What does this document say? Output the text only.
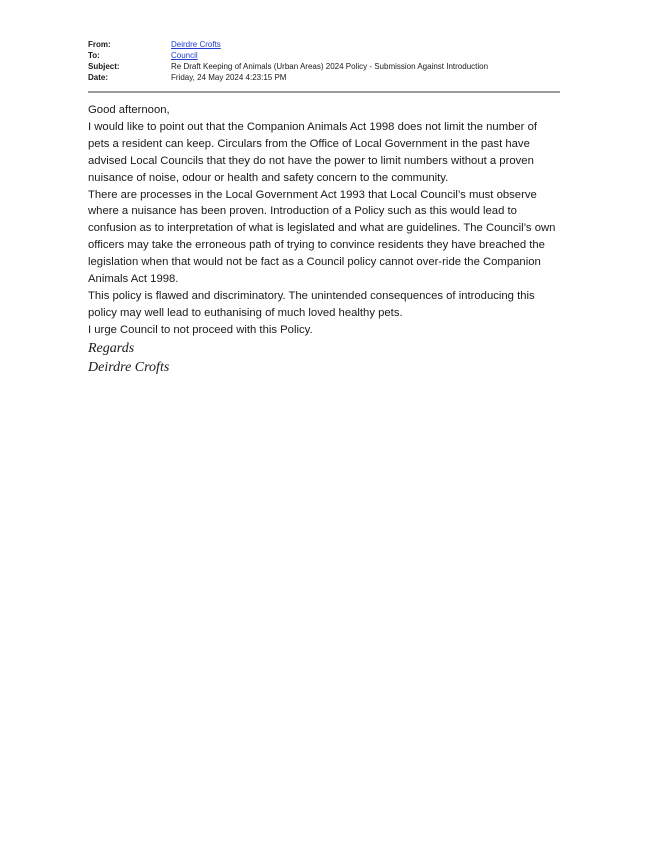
From:	Deirdre Crofts
To:	Council
Subject:	Re Draft Keeping of Animals (Urban Areas) 2024 Policy - Submission Against Introduction
Date:	Friday, 24 May 2024 4:23:15 PM

Good afternoon,

I would like to point out that the Companion Animals Act 1998 does not limit the number of pets a resident can keep. Circulars from the Office of Local Government in the past have advised Local Councils that they do not have the power to limit numbers without a proven nuisance of noise, odour or health and safety concern to the community.

There are processes in the Local Government Act 1993 that Local Council’s must observe where a nuisance has been proven. Introduction of a Policy such as this would lead to confusion as to interpretation of what is legislated and what are guidelines. The Council’s own officers may take the erroneous path of trying to convince residents they have breached the legislation when that would not be fact as a Council policy cannot over-ride the Companion Animals Act 1998.

This policy is flawed and discriminatory. The unintended consequences of introducing this policy may well lead to euthanising of much loved healthy pets.

I urge Council to not proceed with this Policy.

Regards
Deirdre Crofts
